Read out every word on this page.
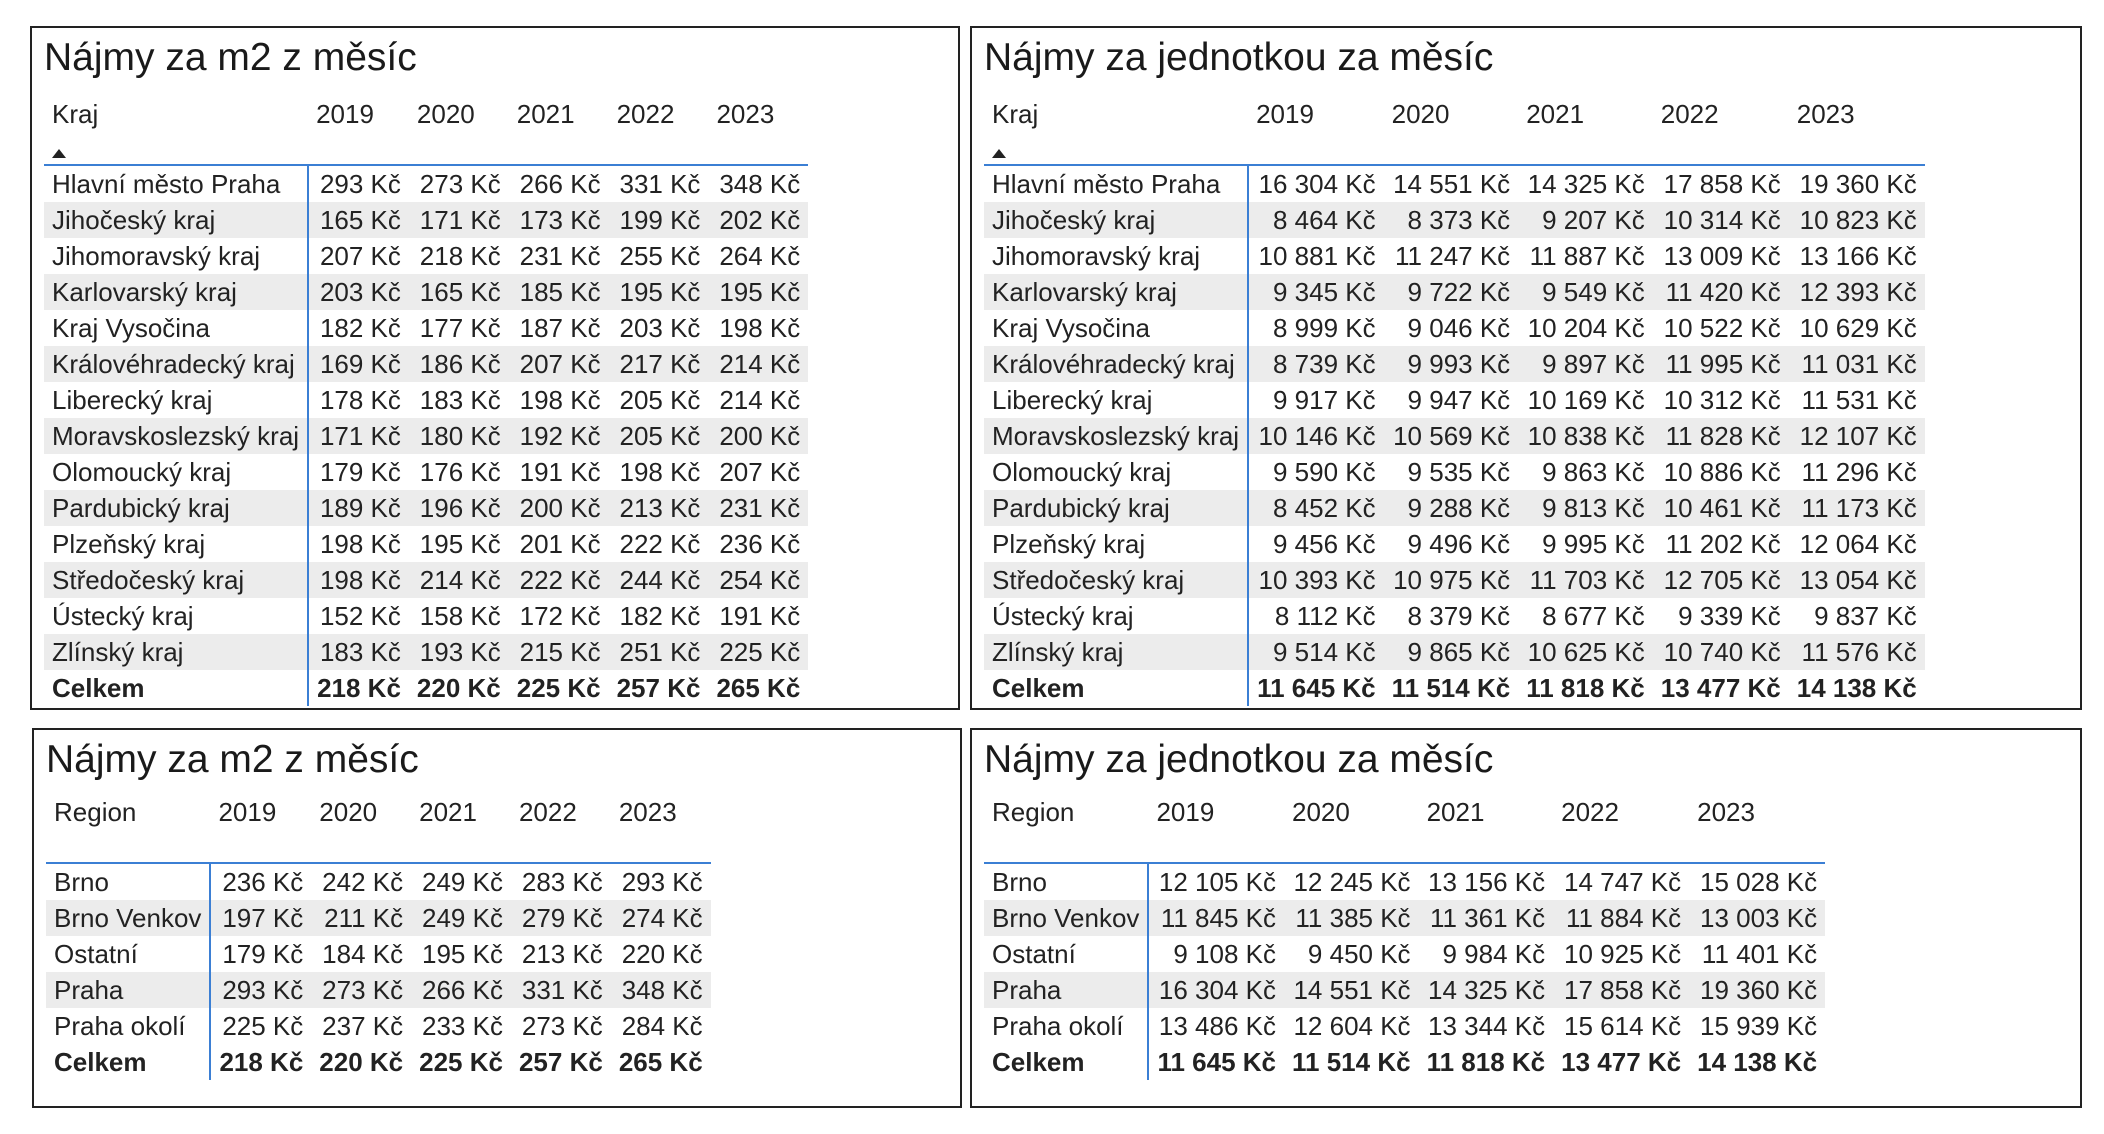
Nájmy za m2 z měsíc
Kraj	2019	2020	2021	2022	2023
Hlavní město Praha	293 Kč	273 Kč	266 Kč	331 Kč	348 Kč
Jihočeský kraj	165 Kč	171 Kč	173 Kč	199 Kč	202 Kč
Jihomoravský kraj	207 Kč	218 Kč	231 Kč	255 Kč	264 Kč
Karlovarský kraj	203 Kč	165 Kč	185 Kč	195 Kč	195 Kč
Kraj Vysočina	182 Kč	177 Kč	187 Kč	203 Kč	198 Kč
Královéhradecký kraj	169 Kč	186 Kč	207 Kč	217 Kč	214 Kč
Liberecký kraj	178 Kč	183 Kč	198 Kč	205 Kč	214 Kč
Moravskoslezský kraj	171 Kč	180 Kč	192 Kč	205 Kč	200 Kč
Olomoucký kraj	179 Kč	176 Kč	191 Kč	198 Kč	207 Kč
Pardubický kraj	189 Kč	196 Kč	200 Kč	213 Kč	231 Kč
Plzeňský kraj	198 Kč	195 Kč	201 Kč	222 Kč	236 Kč
Středočeský kraj	198 Kč	214 Kč	222 Kč	244 Kč	254 Kč
Ústecký kraj	152 Kč	158 Kč	172 Kč	182 Kč	191 Kč
Zlínský kraj	183 Kč	193 Kč	215 Kč	251 Kč	225 Kč
Celkem	218 Kč	220 Kč	225 Kč	257 Kč	265 Kč
Nájmy za jednotkou za měsíc
Kraj	2019	2020	2021	2022	2023
Hlavní město Praha	16 304 Kč	14 551 Kč	14 325 Kč	17 858 Kč	19 360 Kč
Jihočeský kraj	8 464 Kč	8 373 Kč	9 207 Kč	10 314 Kč	10 823 Kč
Jihomoravský kraj	10 881 Kč	11 247 Kč	11 887 Kč	13 009 Kč	13 166 Kč
Karlovarský kraj	9 345 Kč	9 722 Kč	9 549 Kč	11 420 Kč	12 393 Kč
Kraj Vysočina	8 999 Kč	9 046 Kč	10 204 Kč	10 522 Kč	10 629 Kč
Královéhradecký kraj	8 739 Kč	9 993 Kč	9 897 Kč	11 995 Kč	11 031 Kč
Liberecký kraj	9 917 Kč	9 947 Kč	10 169 Kč	10 312 Kč	11 531 Kč
Moravskoslezský kraj	10 146 Kč	10 569 Kč	10 838 Kč	11 828 Kč	12 107 Kč
Olomoucký kraj	9 590 Kč	9 535 Kč	9 863 Kč	10 886 Kč	11 296 Kč
Pardubický kraj	8 452 Kč	9 288 Kč	9 813 Kč	10 461 Kč	11 173 Kč
Plzeňský kraj	9 456 Kč	9 496 Kč	9 995 Kč	11 202 Kč	12 064 Kč
Středočeský kraj	10 393 Kč	10 975 Kč	11 703 Kč	12 705 Kč	13 054 Kč
Ústecký kraj	8 112 Kč	8 379 Kč	8 677 Kč	9 339 Kč	9 837 Kč
Zlínský kraj	9 514 Kč	9 865 Kč	10 625 Kč	10 740 Kč	11 576 Kč
Celkem	11 645 Kč	11 514 Kč	11 818 Kč	13 477 Kč	14 138 Kč
Nájmy za m2 z měsíc
Region	2019	2020	2021	2022	2023
Brno	236 Kč	242 Kč	249 Kč	283 Kč	293 Kč
Brno Venkov	197 Kč	211 Kč	249 Kč	279 Kč	274 Kč
Ostatní	179 Kč	184 Kč	195 Kč	213 Kč	220 Kč
Praha	293 Kč	273 Kč	266 Kč	331 Kč	348 Kč
Praha okolí	225 Kč	237 Kč	233 Kč	273 Kč	284 Kč
Celkem	218 Kč	220 Kč	225 Kč	257 Kč	265 Kč
Nájmy za jednotkou za měsíc
Region	2019	2020	2021	2022	2023
Brno	12 105 Kč	12 245 Kč	13 156 Kč	14 747 Kč	15 028 Kč
Brno Venkov	11 845 Kč	11 385 Kč	11 361 Kč	11 884 Kč	13 003 Kč
Ostatní	9 108 Kč	9 450 Kč	9 984 Kč	10 925 Kč	11 401 Kč
Praha	16 304 Kč	14 551 Kč	14 325 Kč	17 858 Kč	19 360 Kč
Praha okolí	13 486 Kč	12 604 Kč	13 344 Kč	15 614 Kč	15 939 Kč
Celkem	11 645 Kč	11 514 Kč	11 818 Kč	13 477 Kč	14 138 Kč
